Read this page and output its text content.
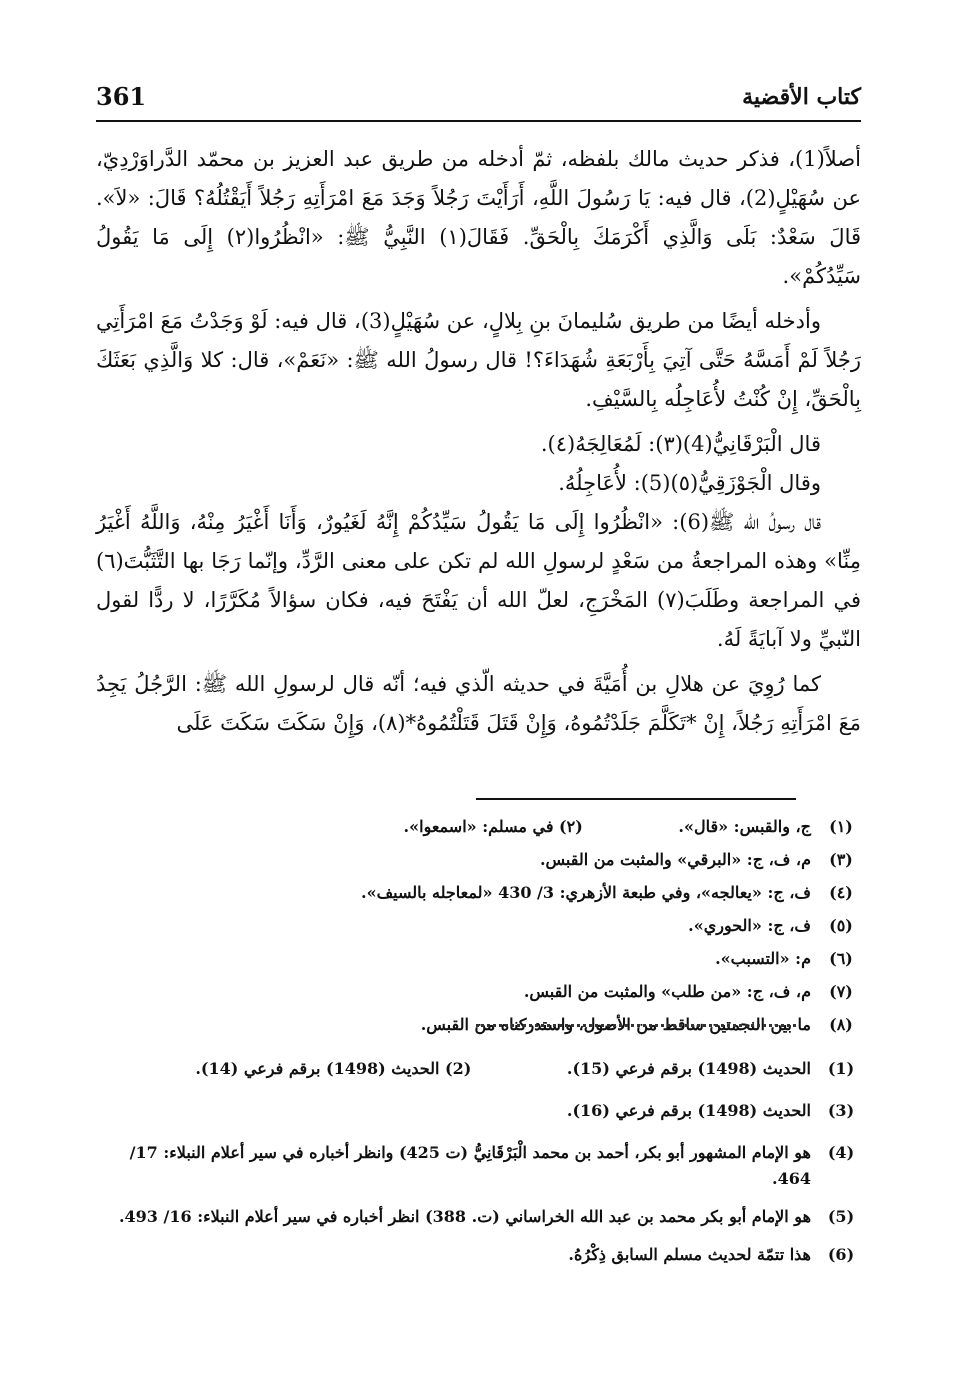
كتاب الأقضية
361

أصلاً(1)، فذكر حديث مالك بلفظه، ثمّ أدخله من طريق عبد العزيز بن محمّد الدَّراوَرْدِيّ، عن سُهَيْلٍ(2)، قال فيه: يَا رَسُولَ اللَّهِ، أَرَأَيْتَ رَجُلاً وَجَدَ مَعَ امْرَأَتِهِ رَجُلاً أَيَقْتُلُهُ؟ قَالَ: «لاَ». قَالَ سَعْدٌ: بَلَى وَالَّذِي أَكْرَمَكَ بِالْحَقِّ. فَقَالَ(١) النَّبِيُّ ﷺ: «انْظُرُوا(٢) إِلَى مَا يَقُولُ سَيِّدُكُمْ».

وأدخله أيضًا من طريق سُليمانَ بنِ بِلالٍ، عن سُهَيْلٍ(3)، قال فيه: لَوْ وَجَدْتُ مَعَ امْرَأَتِي رَجُلاً لَمْ أَمَسَّهُ حَتَّى آتِيَ بِأَرْبَعَةِ شُهَدَاءَ؟! قال رسولُ الله ﷺ: «نَعَمْ»، قال: كلا وَالَّذِي بَعَثَكَ بِالْحَقِّ، إِنْ كُنْتُ لأُعَاجِلُه بِالسَّيْفِ.

قال الْبَرْقَانِيُّ(4)(٣): لَمُعَالِجَهُ(٤).

وقال الْجَوْزَقِيُّ(٥)(5): لأُعَاجِلُهُ.

قال رسولُ الله ﷺ(6): «انْظُرُوا إِلَى مَا يَقُولُ سَيِّدُكُمْ إِنَّهُ لَغَيُورٌ، وَأَنَا أَغْيَرُ مِنْهُ، وَاللَّهُ أَغْيَرُ مِنِّا» وهذه المراجعةُ من سَعْدٍ لرسولِ الله لم تكن على معنى الرَّدِّ، وإنّما رَجَا بها التَّثَبُّتَ(٦) في المراجعة وطَلَبَ(٧) المَخْرَجِ، لعلّ الله أن يَفْتَحَ فيه، فكان سؤالاً مُكَرَّرًا، لا ردًّا لقول النّبيِّ ولا آبايَةً لَهُ.

كما رُوِيَ عن هلالِ بن أُمَيَّةَ في حديثه الّذي فيه؛ أنّه قال لرسولِ الله ﷺ: الرَّجُلُ يَجِدُ مَعَ امْرَأَتِهِ رَجُلاً، إِنْ *تَكَلَّمَ جَلَدْتُمُوهُ، وَإِنْ قَتَلَ قَتَلْتُمُوهُ*(٨)، وَإِنْ سَكَتَ سَكَتَ عَلَى

(١)
ج، والقبس: «قال». (٢) في مسلم: «اسمعوا».
(٣)
م، ف، ج: «البرقي» والمثبت من القبس.
(٤)
ف، ج: «يعالجه»، وفي طبعة الأزهري: 3/ 430 «لمعاجله بالسيف».
(٥)
ف، ج: «الحوري».
(٦)
م: «التسبب».
(٧)
م، ف، ج: «من طلب» والمثبت من القبس.
(٨)
ما بين النجمتين ساقط من الأصول، واستدركناه من القبس.
(1)
الحديث (1498) برقم فرعي (15). (2) الحديث (1498) برقم فرعي (14).
(3)
الحديث (1498) برقم فرعي (16).
(4)
هو الإمام المشهور أبو بكر، أحمد بن محمد الْبَرْقَانِيُّ (ت 425) وانظر أخباره في سير أعلام النبلاء: 17/ 464.
(5)
هو الإمام أبو بكر محمد بن عبد الله الخراساني (ت. 388) انظر أخباره في سير أعلام النبلاء: 16/ 493.
(6)
هذا تتمّة لحديث مسلم السابق ذِكْرُهُ.
